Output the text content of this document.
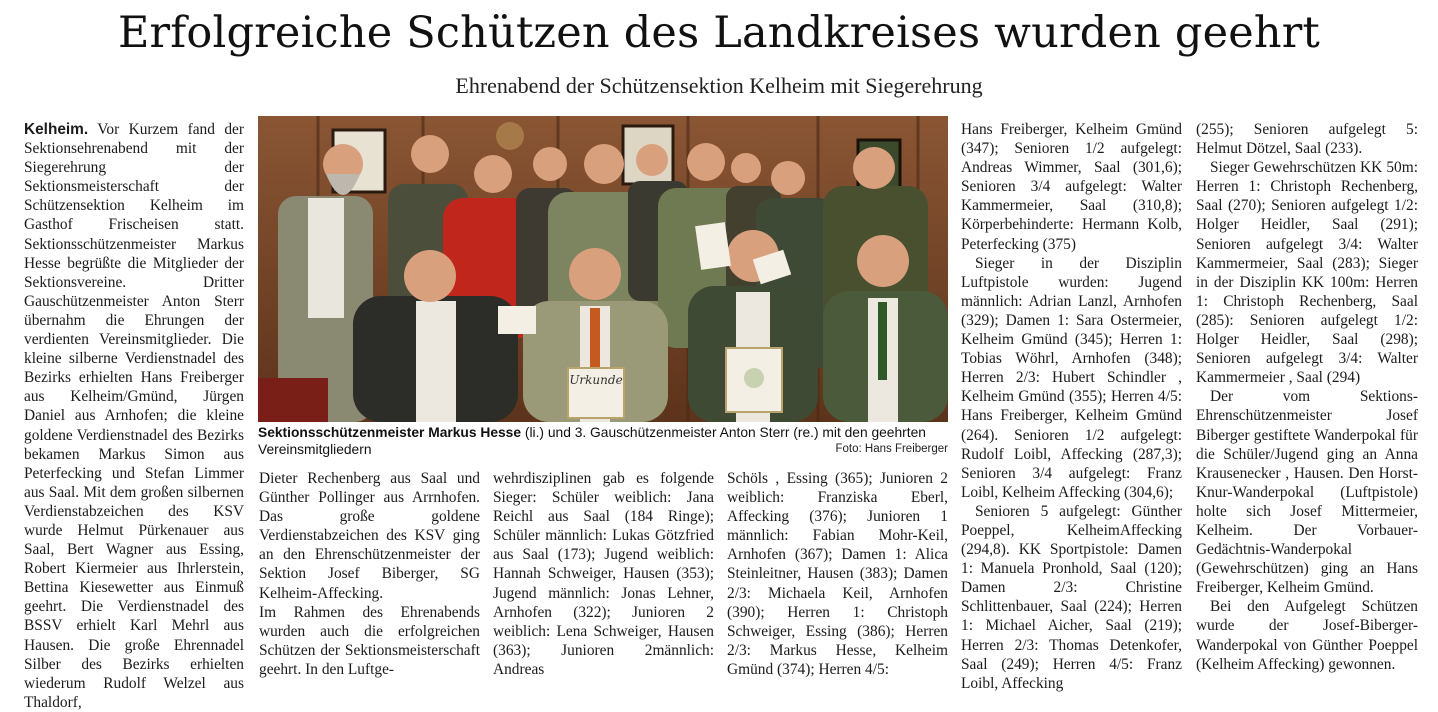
Erfolgreiche Schützen des Landkreises wurden geehrt
Ehrenabend der Schützensektion Kelheim mit Siegerehrung

Kelheim. Vor Kurzem fand der Sektionsehrenabend mit der Siegerehrung der Sektionsmeisterschaft der Schützensektion Kelheim im Gasthof Frischeisen statt. Sektionsschützenmeister Markus Hesse begrüßte die Mitglieder der Sektionsvereine. Dritter Gauschützenmeister Anton Sterr übernahm die Ehrungen der verdienten Vereinsmitglieder. Die kleine silberne Verdienstnadel des Bezirks erhielten Hans Freiberger aus Kelheim/Gmünd, Jürgen Daniel aus Arnhofen; die kleine goldene Verdienstnadel des Bezirks bekamen Markus Simon aus Peterfecking und Stefan Limmer aus Saal. Mit dem großen silbernen Verdienstabzeichen des KSV wurde Helmut Pürkenauer aus Saal, Bert Wagner aus Essing, Robert Kiermeier aus Ihrlerstein, Bettina Kiesewetter aus Einmuß geehrt. Die Verdienstnadel des BSSV erhielt Karl Mehrl aus Hausen. Die große Ehrennadel Silber des Bezirks erhielten wiederum Rudolf Welzel aus Thaldorf,

Urkunde
Sektionsschützenmeister Markus Hesse (li.) und 3. Gauschützenmeister Anton Sterr (re.) mit den geehrten Vereinsmitgliedern	Foto: Hans Freiberger

Dieter Rechenberg aus Saal und Günther Pollinger aus Arrnhofen. Das große goldene Verdienstabzeichen des KSV ging an den Ehrenschützenmeister der Sektion Josef Biberger, SG Kelheim-Affecking.

Im Rahmen des Ehrenabends wurden auch die erfolgreichen Schützen der Sektionsmeisterschaft geehrt. In den Luftge-

wehrdisziplinen gab es folgende Sieger: Schüler weiblich: Jana Reichl aus Saal (184 Ringe); Schüler männlich: Lukas Götzfried aus Saal (173); Jugend weiblich: Hannah Schweiger, Hausen (353); Jugend männlich: Jonas Lehner, Arnhofen (322); Junioren 2 weiblich: Lena Schweiger, Hausen (363); Junioren 2männlich: Andreas

Schöls , Essing (365); Junioren 2 weiblich: Franziska Eberl, Affecking (376); Junioren 1 männlich: Fabian Mohr-Keil, Arnhofen (367); Damen 1: Alica Steinleitner, Hausen (383); Damen 2/3: Michaela Keil, Arnhofen (390); Herren 1: Christoph Schweiger, Essing (386); Herren 2/3: Markus Hesse, Kelheim Gmünd (374); Herren 4/5:

Hans Freiberger, Kelheim Gmünd (347); Senioren 1/2 aufgelegt: Andreas Wimmer, Saal (301,6); Senioren 3/4 aufgelegt: Walter Kammermeier, Saal (310,8); Körperbehinderte: Hermann Kolb, Peterfecking (375)

Sieger in der Disziplin Luftpistole wurden: Jugend männlich: Adrian Lanzl, Arnhofen (329); Damen 1: Sara Ostermeier, Kelheim Gmünd (345); Herren 1: Tobias Wöhrl, Arnhofen (348); Herren 2/3: Hubert Schindler , Kelheim Gmünd (355); Herren 4/5: Hans Freiberger, Kelheim Gmünd (264). Senioren 1/2 aufgelegt: Rudolf Loibl, Affecking (287,3); Senioren 3/4 aufgelegt: Franz Loibl, Kelheim Affecking (304,6);

Senioren 5 aufgelegt: Günther Poeppel, KelheimAffecking (294,8). KK Sportpistole: Damen 1: Manuela Pronhold, Saal (120); Damen 2/3: Christine Schlittenbauer, Saal (224); Herren 1: Michael Aicher, Saal (219); Herren 2/3: Thomas Detenkofer, Saal (249); Herren 4/5: Franz Loibl, Affecking

(255); Senioren aufgelegt 5: Helmut Dötzel, Saal (233).

Sieger Gewehrschützen KK 50m: Herren 1: Christoph Rechenberg, Saal (270); Senioren aufgelegt 1/2: Holger Heidler, Saal (291); Senioren aufgelegt 3/4: Walter Kammermeier, Saal (283); Sieger in der Disziplin KK 100m: Herren 1: Christoph Rechenberg, Saal (285): Senioren aufgelegt 1/2: Holger Heidler, Saal (298); Senioren aufgelegt 3/4: Walter Kammermeier , Saal (294)

Der vom Sektions-Ehrenschützenmeister Josef Biberger gestiftete Wanderpokal für die Schüler/Jugend ging an Anna Krausenecker , Hausen. Den Horst-Knur-Wanderpokal (Luftpistole) holte sich Josef Mittermeier, Kelheim. Der Vorbauer-Gedächtnis-Wanderpokal (Gewehrschützen) ging an Hans Freiberger, Kelheim Gmünd.

Bei den Aufgelegt Schützen wurde der Josef-Biberger-Wanderpokal von Günther Poeppel (Kelheim Affecking) gewonnen.
